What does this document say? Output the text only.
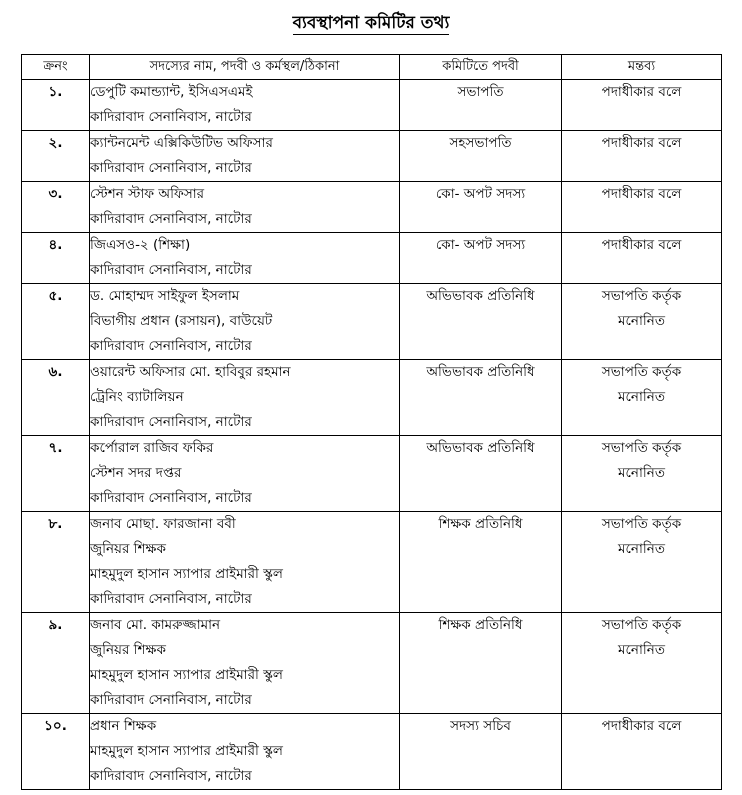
ব্যবস্থাপনা কমিটির তথ্য
ক্রনং	সদস্যের নাম, পদবী ও কর্মস্থল/ঠিকানা	কমিটিতে পদবী	মন্তব্য
১.	ডেপুটি কমান্ড্যান্ট, ইসিএসএমই
কাদিরাবাদ সেনানিবাস, নাটোর	সভাপতি	পদাধীকার বলে

২.	ক্যান্টনমেন্ট এক্সিকিউটিভ অফিসার
কাদিরাবাদ সেনানিবাস, নাটোর	সহসভাপতি	পদাধীকার বলে

৩.	স্টেশন স্টাফ অফিসার
কাদিরাবাদ সেনানিবাস, নাটোর	কো- অপট সদস্য	পদাধীকার বলে

৪.	জিএসও-২ (শিক্ষা)
কাদিরাবাদ সেনানিবাস, নাটোর	কো- অপট সদস্য	পদাধীকার বলে

৫.	ড. মোহাম্মদ সাইফুল ইসলাম
বিভাগীয় প্রধান (রসায়ন), বাউয়েট
কাদিরাবাদ সেনানিবাস, নাটোর	অভিভাবক প্রতিনিধি	সভাপতি কর্তৃক
মনোনিত

৬.	ওয়ারেন্ট অফিসার মো. হাবিবুর রহমান
ট্রেনিং ব্যাটালিয়ন
কাদিরাবাদ সেনানিবাস, নাটোর	অভিভাবক প্রতিনিধি	সভাপতি কর্তৃক
মনোনিত

৭.	কর্পোরাল রাজিব ফকির
স্টেশন সদর দপ্তর
কাদিরাবাদ সেনানিবাস, নাটোর	অভিভাবক প্রতিনিধি	সভাপতি কর্তৃক
মনোনিত

৮.	জনাব মোছা. ফারজানা ববী
জুনিয়র শিক্ষক
মাহমুদুল হাসান স্যাপার প্রাইমারী স্কুল
কাদিরাবাদ সেনানিবাস, নাটোর	শিক্ষক প্রতিনিধি	সভাপতি কর্তৃক
মনোনিত

৯.	জনাব মো. কামরুজ্জামান
জুনিয়র শিক্ষক
মাহমুদুল হাসান স্যাপার প্রাইমারী স্কুল
কাদিরাবাদ সেনানিবাস, নাটোর	শিক্ষক প্রতিনিধি	সভাপতি কর্তৃক
মনোনিত

১০.	প্রধান শিক্ষক
মাহমুদুল হাসান স্যাপার প্রাইমারী স্কুল
কাদিরাবাদ সেনানিবাস, নাটোর	সদস্য সচিব	পদাধীকার বলে
